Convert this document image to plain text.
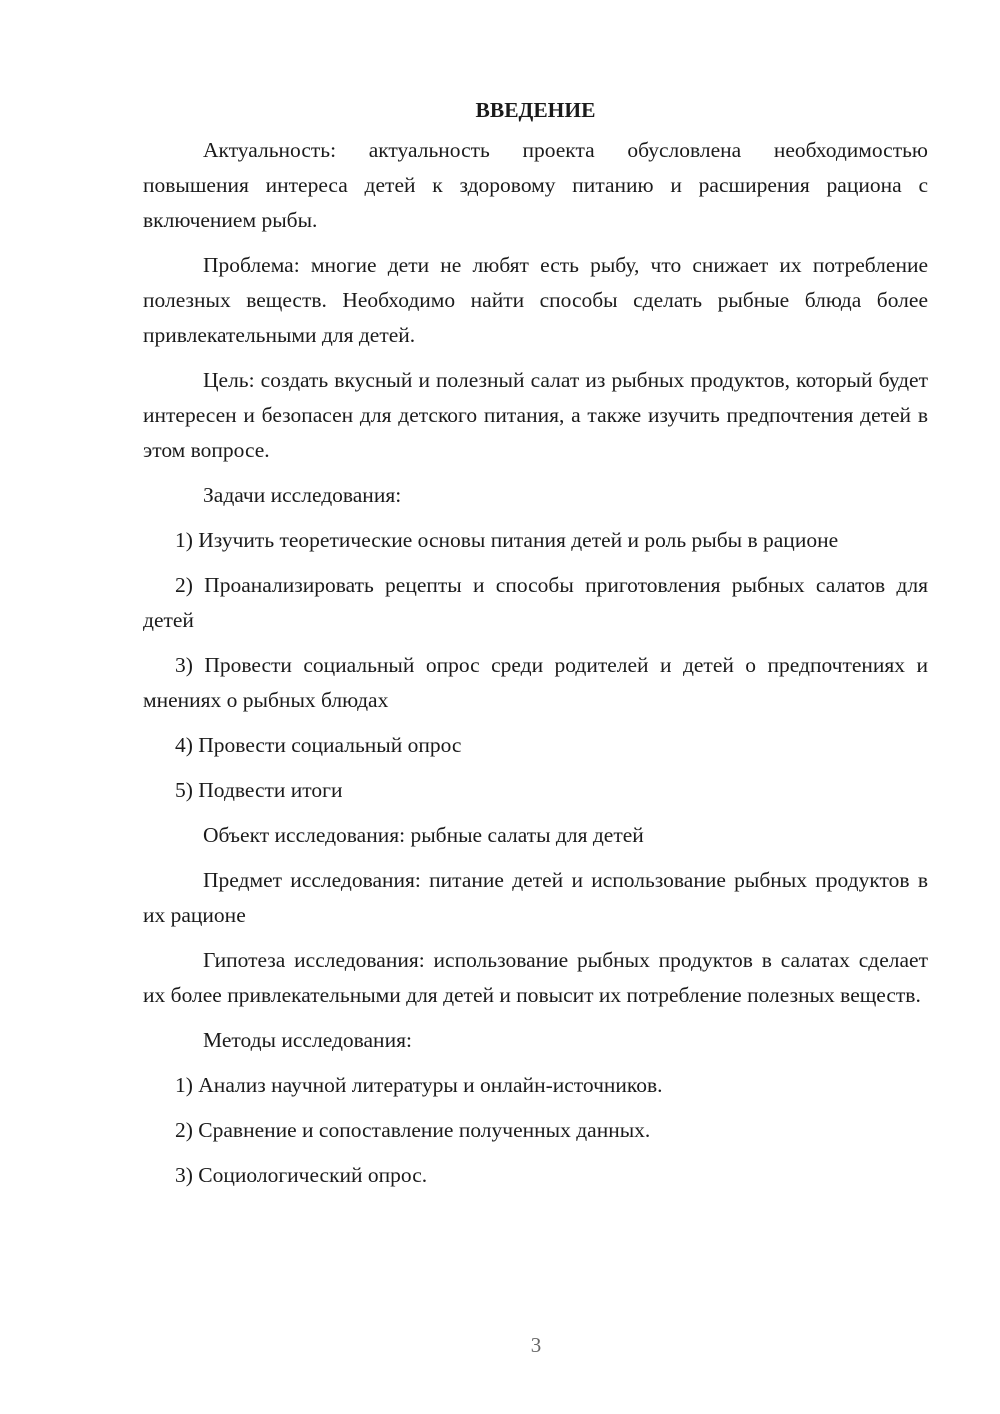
ВВЕДЕНИЕ

Актуальность: актуальность проекта обусловлена необходимостью повышения интереса детей к здоровому питанию и расширения рациона с включением рыбы.

Проблема: многие дети не любят есть рыбу, что снижает их потребление полезных веществ. Необходимо найти способы сделать рыбные блюда более привлекательными для детей.

Цель: создать вкусный и полезный салат из рыбных продуктов, который будет интересен и безопасен для детского питания, а также изучить предпочтения детей в этом вопросе.

Задачи исследования:

1) Изучить теоретические основы питания детей и роль рыбы в рационе

2) Проанализировать рецепты и способы приготовления рыбных салатов для детей

3) Провести социальный опрос среди родителей и детей о предпочтениях и мнениях о рыбных блюдах

4) Провести социальный опрос

5) Подвести итоги

Объект исследования: рыбные салаты для детей

Предмет исследования: питание детей и использование рыбных продуктов в их рационе

Гипотеза исследования: использование рыбных продуктов в салатах сделает их более привлекательными для детей и повысит их потребление полезных веществ.

Методы исследования:

1) Анализ научной литературы и онлайн-источников.

2) Сравнение и сопоставление полученных данных.

3) Социологический опрос.

3
